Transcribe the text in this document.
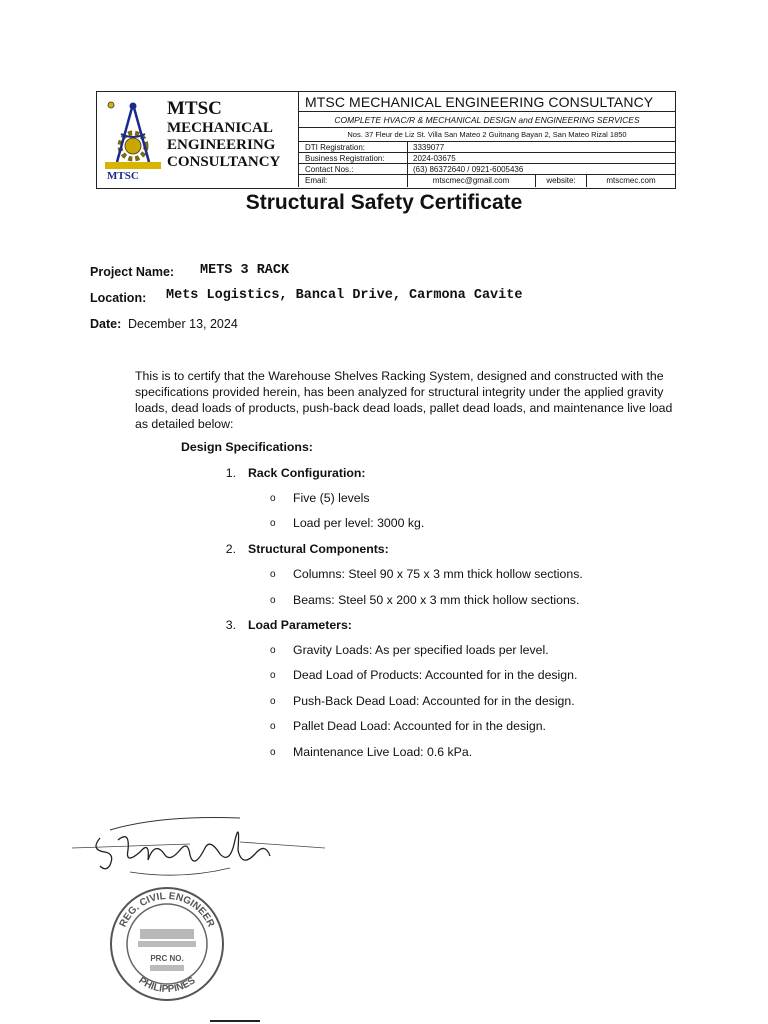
MTSC
MECHANICAL
ENGINEERING
CONSULTANCY
MTSC
MTSC MECHANICAL ENGINEERING CONSULTANCY
COMPLETE HVAC/R & MECHANICAL DESIGN and ENGINEERING SERVICES
Nos. 37 Fleur de Liz St. Villa San Mateo 2 Guitnang Bayan 2, San Mateo Rizal 1850
DTI Registration:	3339077
Business Registration:	2024-03675
Contact Nos.:	(63) 86372640 / 0921-6005436
Email:	mtscmec@gmail.com	website:	mtscmec.com
Structural Safety Certificate
Project Name: METS 3 RACK
Location: Mets Logistics, Bancal Drive, Carmona Cavite
Date: December 13, 2024
This is to certify that the Warehouse Shelves Racking System, designed and constructed with the specifications provided herein, has been analyzed for structural integrity under the applied gravity loads, dead loads of products, push-back dead loads, pallet dead loads, and maintenance live load as detailed below:
Design Specifications:
1. Rack Configuration:
o Five (5) levels
o Load per level: 3000 kg.
2. Structural Components:
o Columns: Steel 90 x 75 x 3 mm thick hollow sections.
o Beams: Steel 50 x 200 x 3 mm thick hollow sections.
3. Load Parameters:
o Gravity Loads: As per specified loads per level.
o Dead Load of Products: Accounted for in the design.
o Push-Back Dead Load: Accounted for in the design.
o Pallet Dead Load: Accounted for in the design.
o Maintenance Live Load: 0.6 kPa.
REG. CIVIL ENGINEER
PHILIPPINES
PRC NO.
